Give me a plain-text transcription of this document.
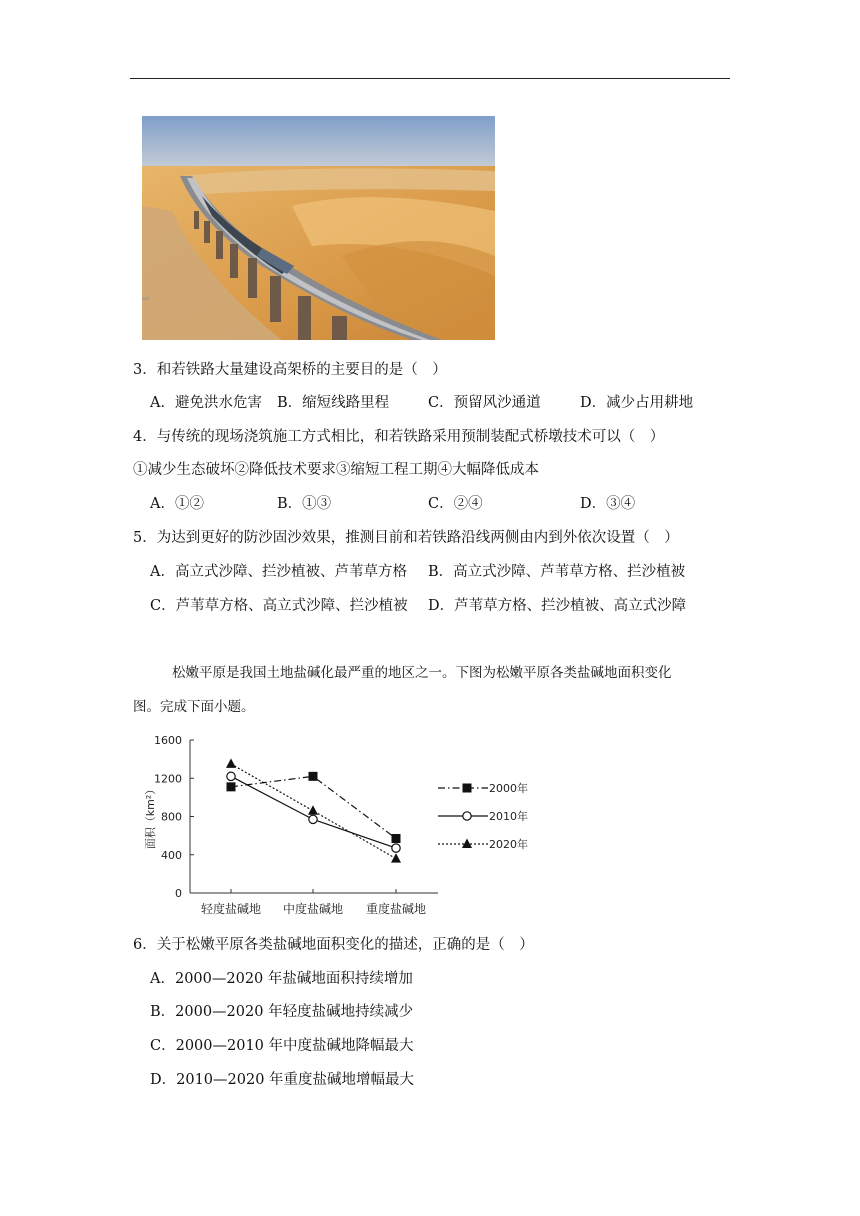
ast
3．和若铁路大量建设高架桥的主要目的是（　）
A．避免洪水危害 B．缩短线路里程	C．预留风沙通道	D．减少占用耕地
4．与传统的现场浇筑施工方式相比，和若铁路采用预制装配式桥墩技术可以（　）
①减少生态破坏②降低技术要求③缩短工程工期④大幅降低成本
A．①②	B．①③	C．②④	D．③④
5．为达到更好的防沙固沙效果，推测目前和若铁路沿线两侧由内到外依次设置（　）
A．高立式沙障、拦沙植被、芦苇草方格 B．高立式沙障、芦苇草方格、拦沙植被
C．芦苇草方格、高立式沙障、拦沙植被 D．芦苇草方格、拦沙植被、高立式沙障
松嫩平原是我国土地盐碱化最严重的地区之一。下图为松嫩平原各类盐碱地面积变化
图。完成下面小题。
0
400
800
1200
1600
轻度盐碱地 中度盐碱地 重度盐碱地
面积（km²）	2000年
2010年
2020年
6．关于松嫩平原各类盐碱地面积变化的描述，正确的是（　）
A．2000—2020 年盐碱地面积持续增加
B．2000—2020 年轻度盐碱地持续减少
C．2000—2010 年中度盐碱地降幅最大
D．2010—2020 年重度盐碱地增幅最大
